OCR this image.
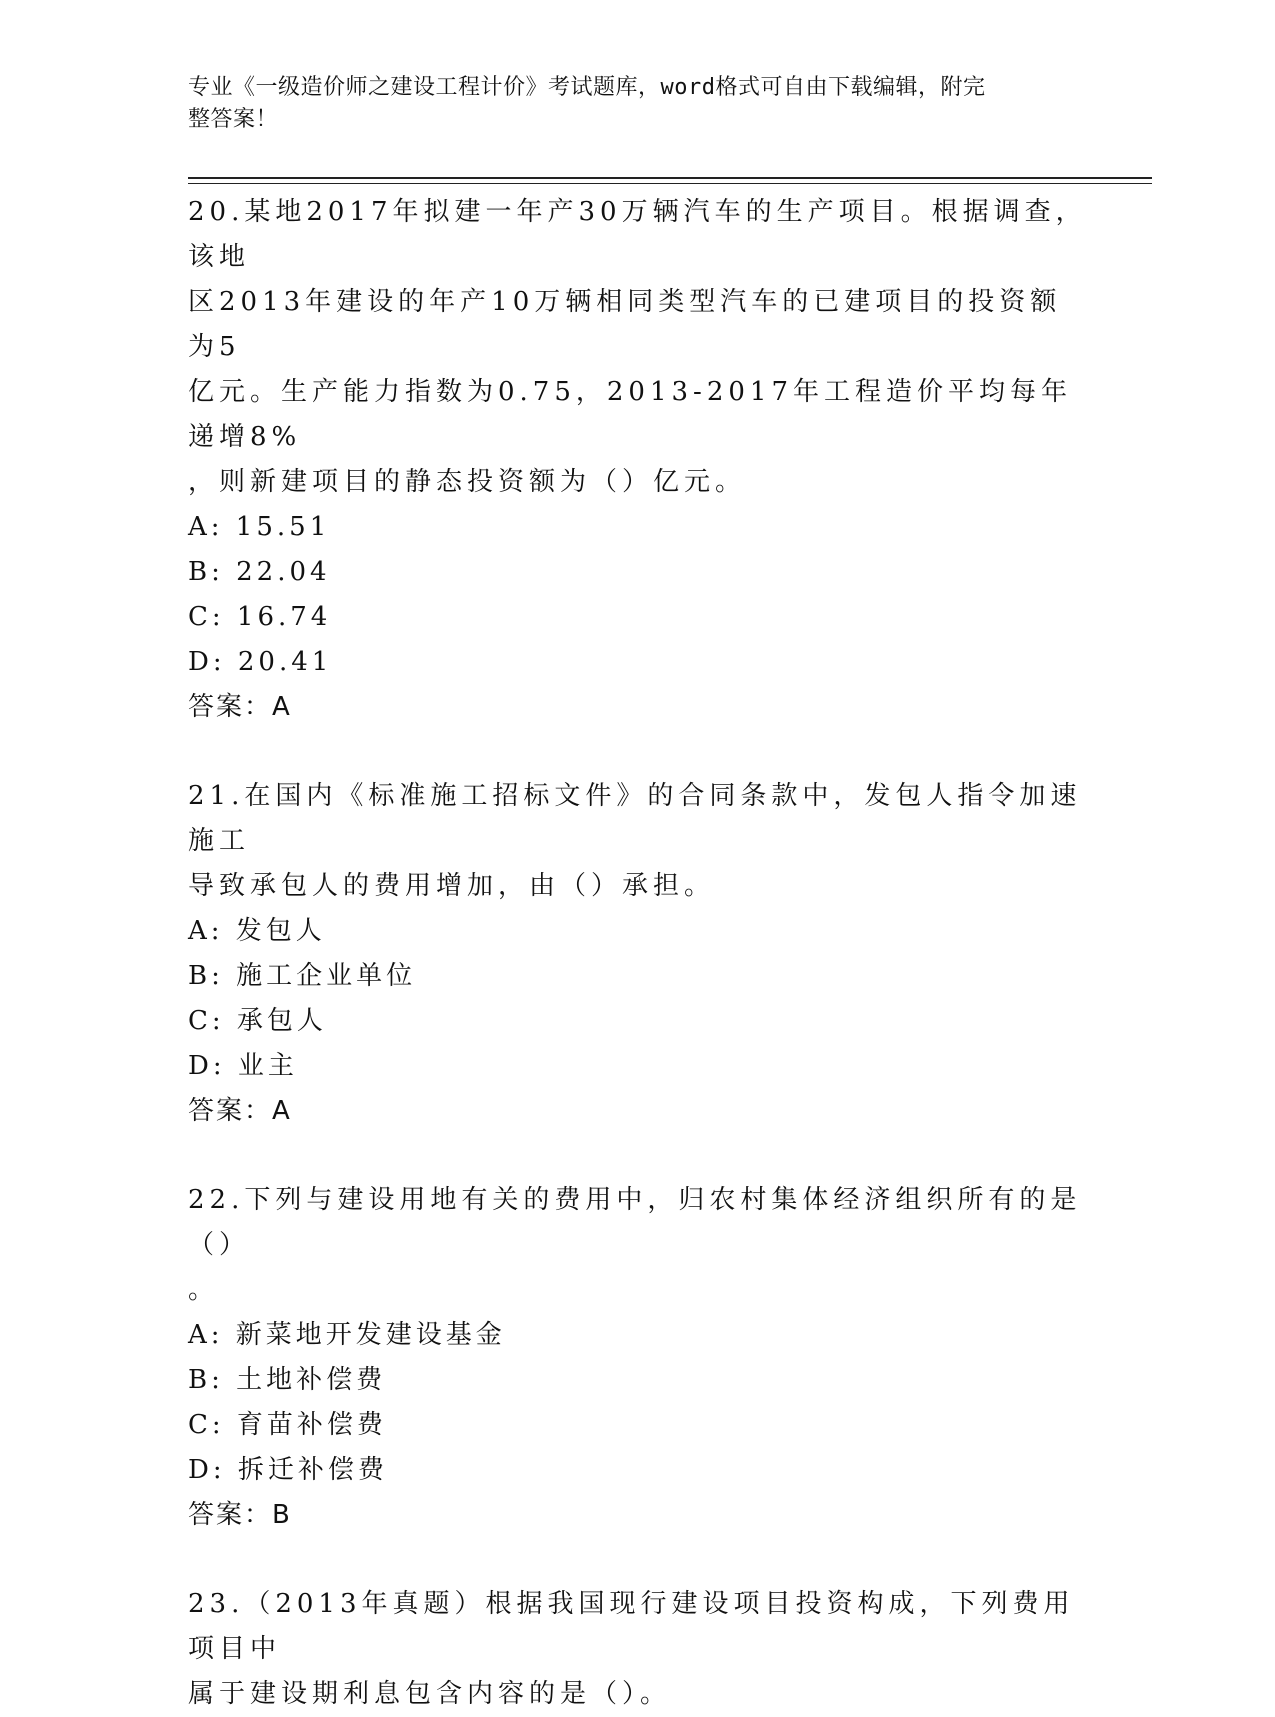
专业《一级造价师之建设工程计价》考试题库，word格式可自由下载编辑，附完
整答案！

20.某地2017年拟建一年产30万辆汽车的生产项目。根据调查，该地

区2013年建设的年产10万辆相同类型汽车的已建项目的投资额为5

亿元。生产能力指数为0.75，2013-2017年工程造价平均每年递增8%

，则新建项目的静态投资额为（）亿元。

A: 15.51

B: 22.04

C: 16.74

D: 20.41

答案：A

21.在国内《标准施工招标文件》的合同条款中，发包人指令加速施工

导致承包人的费用增加，由（）承担。

A: 发包人

B: 施工企业单位

C: 承包人

D: 业主

答案：A

22.下列与建设用地有关的费用中，归农村集体经济组织所有的是（）

。

A: 新菜地开发建设基金

B: 土地补偿费

C: 育苗补偿费

D: 拆迁补偿费

答案：B

23.（2013年真题）根据我国现行建设项目投资构成，下列费用项目中

属于建设期利息包含内容的是（）。
